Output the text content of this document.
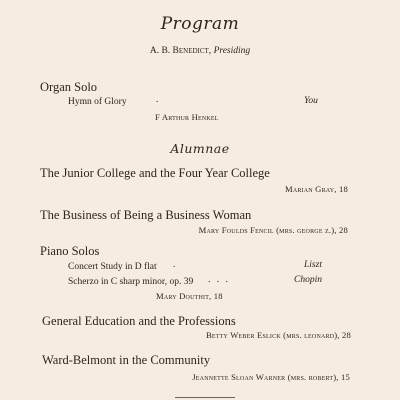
Program
A. B. Benedict, Presiding
Organ Solo
Hymn of Glory	.	You
F Arthur Henkel
Alumnae
The Junior College and the Four Year College
Marian Gray, 18
The Business of Being a Business Woman
Mary Foulds Fencil (mrs. george z.), 28
Piano Solos
Concert Study in D flat .	Liszt
Scherzo in C sharp minor, op. 39 . . .	Chopin
Mary Douthit, 18
General Education and the Professions
Betty Weber Eslick (mrs. leonard), 28
Ward-Belmont in the Community
Jeannette Sloan Warner (mrs. robert), 15
